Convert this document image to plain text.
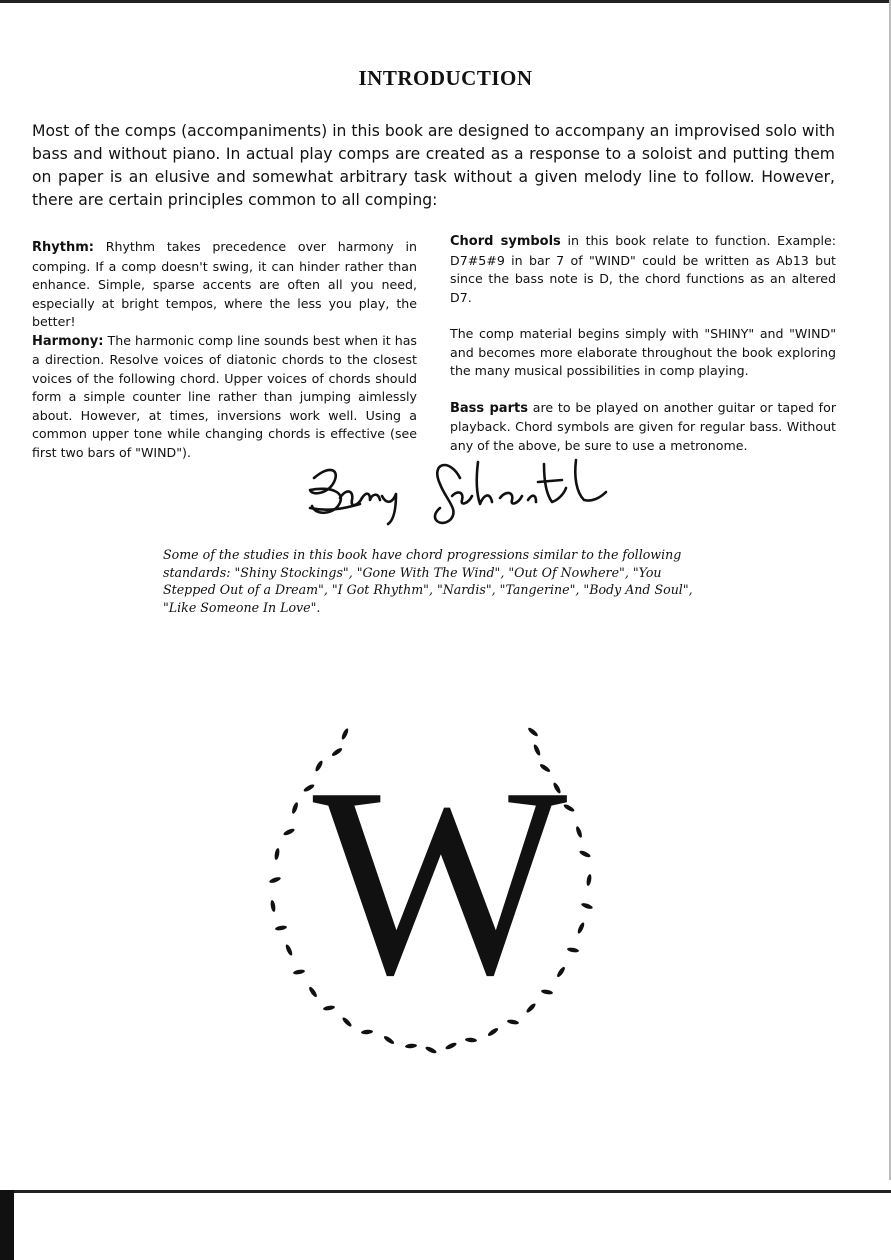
INTRODUCTION

Most of the comps (accompaniments) in this book are designed to accompany an improvised solo with bass and without piano. In actual play comps are created as a response to a soloist and putting them on paper is an elusive and somewhat arbitrary task without a given melody line to follow. However, there are certain principles common to all comping:

Rhythm: Rhythm takes precedence over harmony in comping. If a comp doesn't swing, it can hinder rather than enhance. Simple, sparse accents are often all you need, especially at bright tempos, where the less you play, the better!

Harmony: The harmonic comp line sounds best when it has a direction. Resolve voices of diatonic chords to the closest voices of the following chord. Upper voices of chords should form a simple counter line rather than jumping aimlessly about. However, at times, inversions work well. Using a common upper tone while changing chords is effective (see first two bars of "WIND").

Chord symbols in this book relate to function. Example: D7#5#9 in bar 7 of "WIND" could be written as Ab13 but since the bass note is D, the chord functions as an altered D7.

The comp material begins simply with "SHINY" and "WIND" and becomes more elaborate throughout the book exploring the many musical possibilities in comp playing.

Bass parts are to be played on another guitar or taped for playback. Chord symbols are given for regular bass. Without any of the above, be sure to use a metronome.

Some of the studies in this book have chord progressions similar to the following standards: "Shiny Stockings", "Gone With The Wind", "Out Of Nowhere", "You Stepped Out of a Dream", "I Got Rhythm", "Nardis", "Tangerine", "Body And Soul", "Like Someone In Love".

W
